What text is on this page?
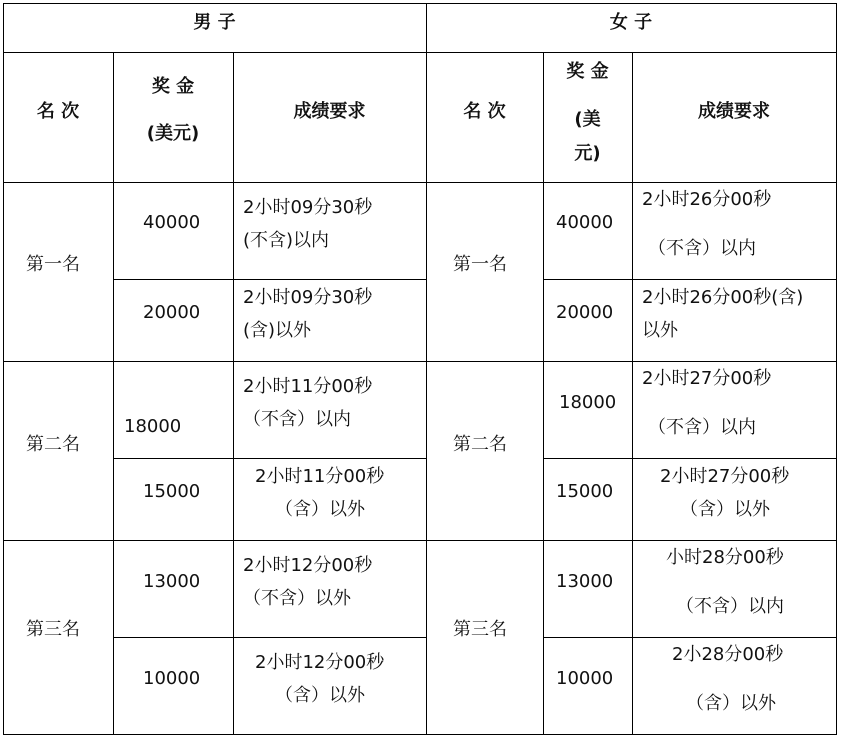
男 子	女 子
名 次
奖 金
(美元)
成绩要求	名 次
奖 金
(美
元)
成绩要求
第一名
第二名
第三名
第一名
第二名
第三名
40000
20000
18000
15000
13000
10000
2小时09分30秒
(不含)以内
2小时09分30秒
(含)以外
2小时11分00秒
（不含）以内
2小时11分00秒
（含）以外
2小时12分00秒
（不含）以外
2小时12分00秒
（含）以外
40000
20000
18000
15000
13000
10000
2小时26分00秒
（不含）以内
2小时26分00秒(含)
以外
2小时27分00秒
（不含）以内
2小时27分00秒
（含）以外
小时28分00秒
（不含）以内
2小28分00秒
（含）以外
